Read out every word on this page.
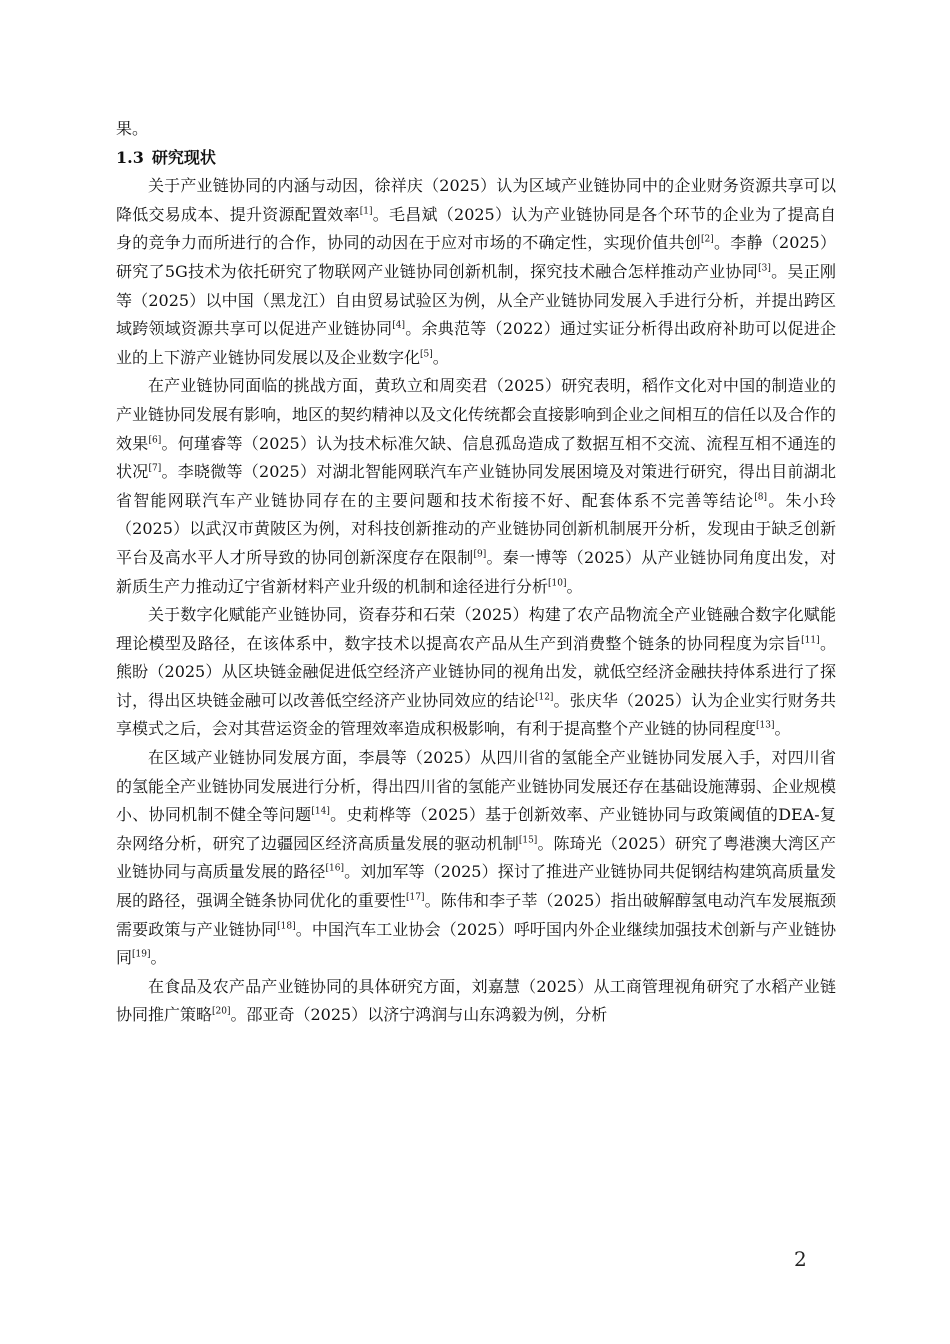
果。

1.3 研究现状

关于产业链协同的内涵与动因，徐祥庆（2025）认为区域产业链协同中的企业财务资源共享可以降低交易成本、提升资源配置效率[1]。毛昌斌（2025）认为产业链协同是各个环节的企业为了提高自身的竞争力而所进行的合作，协同的动因在于应对市场的不确定性，实现价值共创[2]。李静（2025）研究了5G技术为依托研究了物联网产业链协同创新机制，探究技术融合怎样推动产业协同[3]。吴正刚等（2025）以中国（黑龙江）自由贸易试验区为例，从全产业链协同发展入手进行分析，并提出跨区域跨领域资源共享可以促进产业链协同[4]。余典范等（2022）通过实证分析得出政府补助可以促进企业的上下游产业链协同发展以及企业数字化[5]。

在产业链协同面临的挑战方面，黄玖立和周奕君（2025）研究表明，稻作文化对中国的制造业的产业链协同发展有影响，地区的契约精神以及文化传统都会直接影响到企业之间相互的信任以及合作的效果[6]。何瑾睿等（2025）认为技术标准欠缺、信息孤岛造成了数据互相不交流、流程互相不通连的状况[7]。李晓微等（2025）对湖北智能网联汽车产业链协同发展困境及对策进行研究，得出目前湖北省智能网联汽车产业链协同存在的主要问题和技术衔接不好、配套体系不完善等结论[8]。朱小玲（2025）以武汉市黄陂区为例，对科技创新推动的产业链协同创新机制展开分析，发现由于缺乏创新平台及高水平人才所导致的协同创新深度存在限制[9]。秦一博等（2025）从产业链协同角度出发，对新质生产力推动辽宁省新材料产业升级的机制和途径进行分析[10]。

关于数字化赋能产业链协同，资春芬和石荣（2025）构建了农产品物流全产业链融合数字化赋能理论模型及路径，在该体系中，数字技术以提高农产品从生产到消费整个链条的协同程度为宗旨[11]。熊盼（2025）从区块链金融促进低空经济产业链协同的视角出发，就低空经济金融扶持体系进行了探讨，得出区块链金融可以改善低空经济产业协同效应的结论[12]。张庆华（2025）认为企业实行财务共享模式之后，会对其营运资金的管理效率造成积极影响，有利于提高整个产业链的协同程度[13]。

在区域产业链协同发展方面，李晨等（2025）从四川省的氢能全产业链协同发展入手，对四川省的氢能全产业链协同发展进行分析，得出四川省的氢能产业链协同发展还存在基础设施薄弱、企业规模小、协同机制不健全等问题[14]。史莉桦等（2025）基于创新效率、产业链协同与政策阈值的DEA-复杂网络分析，研究了边疆园区经济高质量发展的驱动机制[15]。陈琦光（2025）研究了粤港澳大湾区产业链协同与高质量发展的路径[16]。刘加军等（2025）探讨了推进产业链协同共促钢结构建筑高质量发展的路径，强调全链条协同优化的重要性[17]。陈伟和李子莘（2025）指出破解醇氢电动汽车发展瓶颈需要政策与产业链协同[18]。中国汽车工业协会（2025）呼吁国内外企业继续加强技术创新与产业链协同[19]。

在食品及农产品产业链协同的具体研究方面，刘嘉慧（2025）从工商管理视角研究了水稻产业链协同推广策略[20]。邵亚奇（2025）以济宁鸿润与山东鸿毅为例，分析

2
